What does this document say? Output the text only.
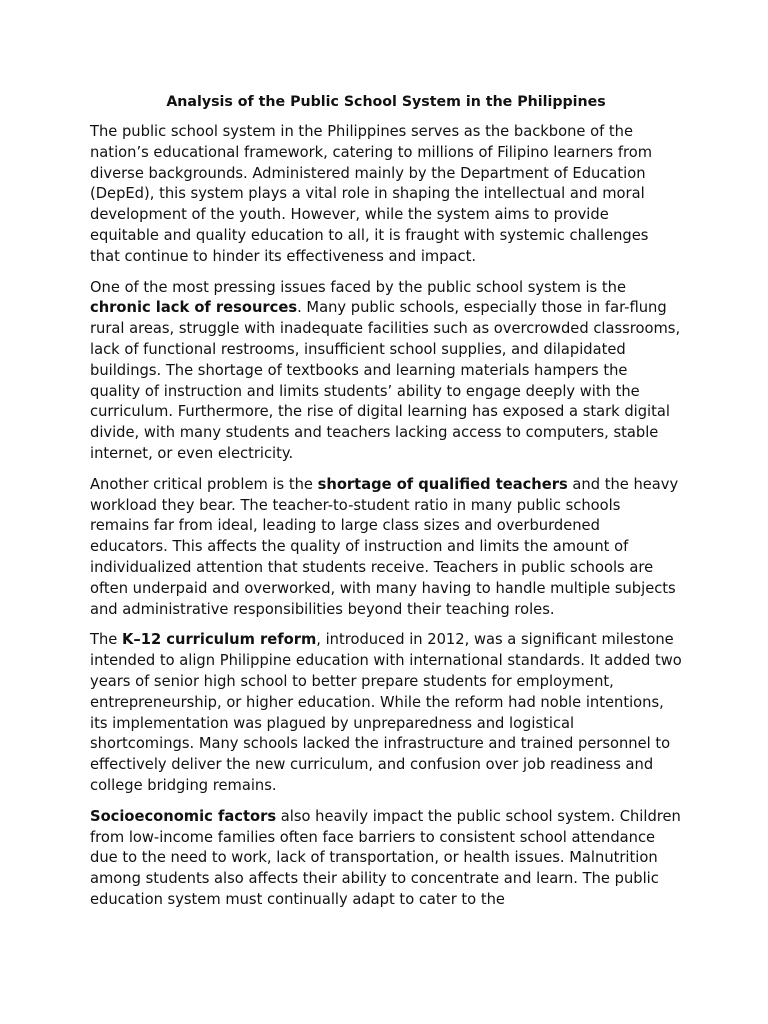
Analysis of the Public School System in the Philippines

The public school system in the Philippines serves as the backbone of the nation’s educational framework, catering to millions of Filipino learners from diverse backgrounds. Administered mainly by the Department of Education (DepEd), this system plays a vital role in shaping the intellectual and moral development of the youth. However, while the system aims to provide equitable and quality education to all, it is fraught with systemic challenges that continue to hinder its effectiveness and impact.

One of the most pressing issues faced by the public school system is the chronic lack of resources. Many public schools, especially those in far-flung rural areas, struggle with inadequate facilities such as overcrowded classrooms, lack of functional restrooms, insufficient school supplies, and dilapidated buildings. The shortage of textbooks and learning materials hampers the quality of instruction and limits students’ ability to engage deeply with the curriculum. Furthermore, the rise of digital learning has exposed a stark digital divide, with many students and teachers lacking access to computers, stable internet, or even electricity.

Another critical problem is the shortage of qualified teachers and the heavy workload they bear. The teacher-to-student ratio in many public schools remains far from ideal, leading to large class sizes and overburdened educators. This affects the quality of instruction and limits the amount of individualized attention that students receive. Teachers in public schools are often underpaid and overworked, with many having to handle multiple subjects and administrative responsibilities beyond their teaching roles.

The K–12 curriculum reform, introduced in 2012, was a significant milestone intended to align Philippine education with international standards. It added two years of senior high school to better prepare students for employment, entrepreneurship, or higher education. While the reform had noble intentions, its implementation was plagued by unpreparedness and logistical shortcomings. Many schools lacked the infrastructure and trained personnel to effectively deliver the new curriculum, and confusion over job readiness and college bridging remains.

Socioeconomic factors also heavily impact the public school system. Children from low-income families often face barriers to consistent school attendance due to the need to work, lack of transportation, or health issues. Malnutrition among students also affects their ability to concentrate and learn. The public education system must continually adapt to cater to the
